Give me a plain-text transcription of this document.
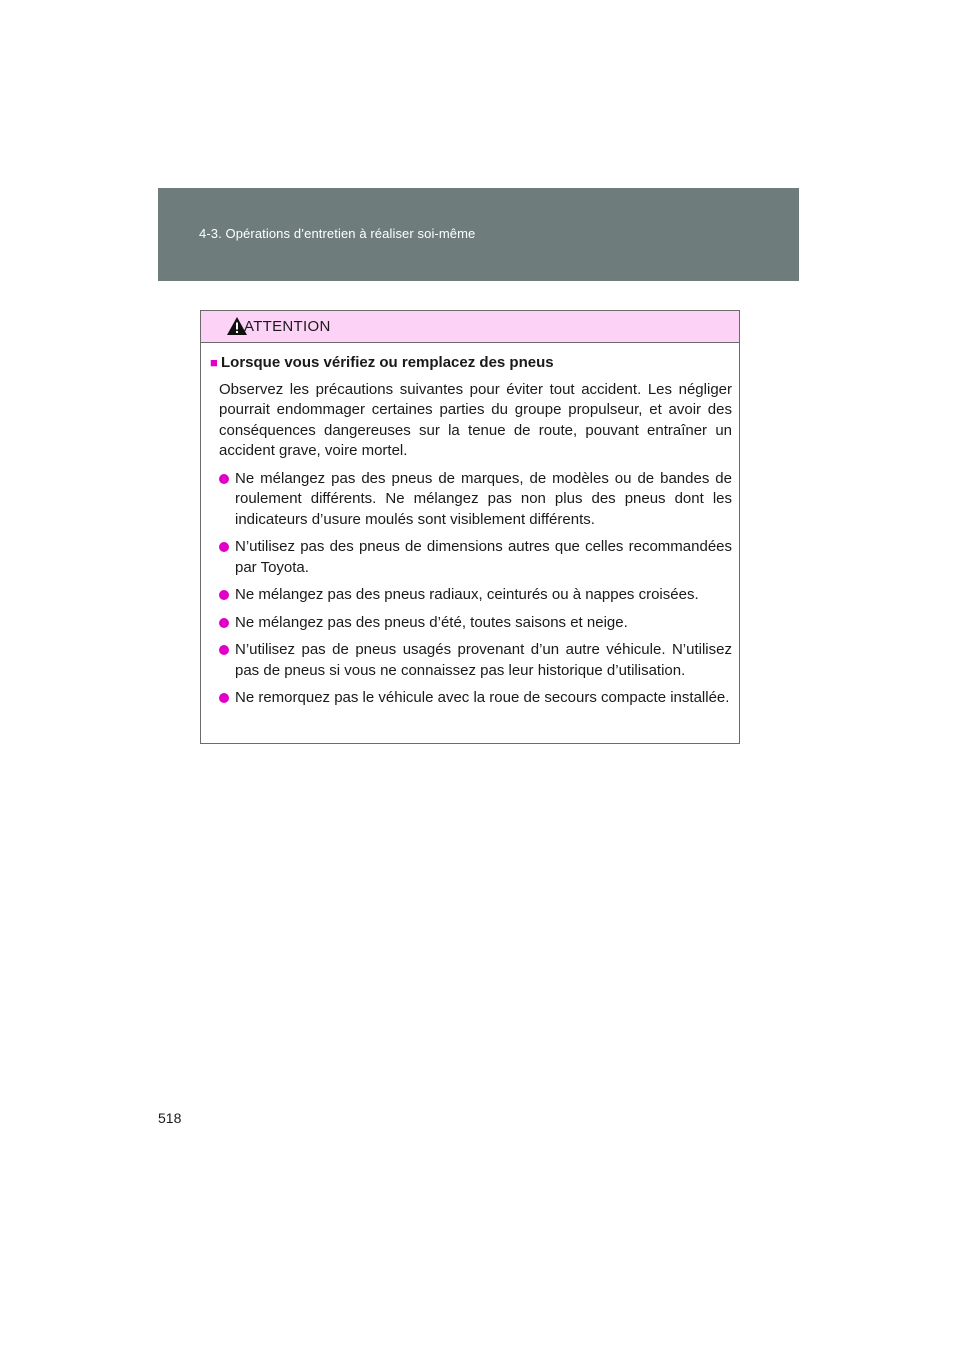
4-3. Opérations d’entretien à réaliser soi-même
ATTENTION
■ Lorsque vous vérifiez ou remplacez des pneus
Observez les précautions suivantes pour éviter tout accident. Les négliger pourrait endommager certaines parties du groupe propulseur, et avoir des conséquences dangereuses sur la tenue de route, pouvant entraîner un accident grave, voire mortel.
Ne mélangez pas des pneus de marques, de modèles ou de bandes de roulement différents. Ne mélangez pas non plus des pneus dont les indicateurs d’usure moulés sont visiblement différents.
N’utilisez pas des pneus de dimensions autres que celles recommandées par Toyota.
Ne mélangez pas des pneus radiaux, ceinturés ou à nappes croisées.
Ne mélangez pas des pneus d’été, toutes saisons et neige.
N’utilisez pas de pneus usagés provenant d’un autre véhicule. N’utilisez pas de pneus si vous ne connaissez pas leur historique d’utilisation.
Ne remorquez pas le véhicule avec la roue de secours compacte installée.
518
